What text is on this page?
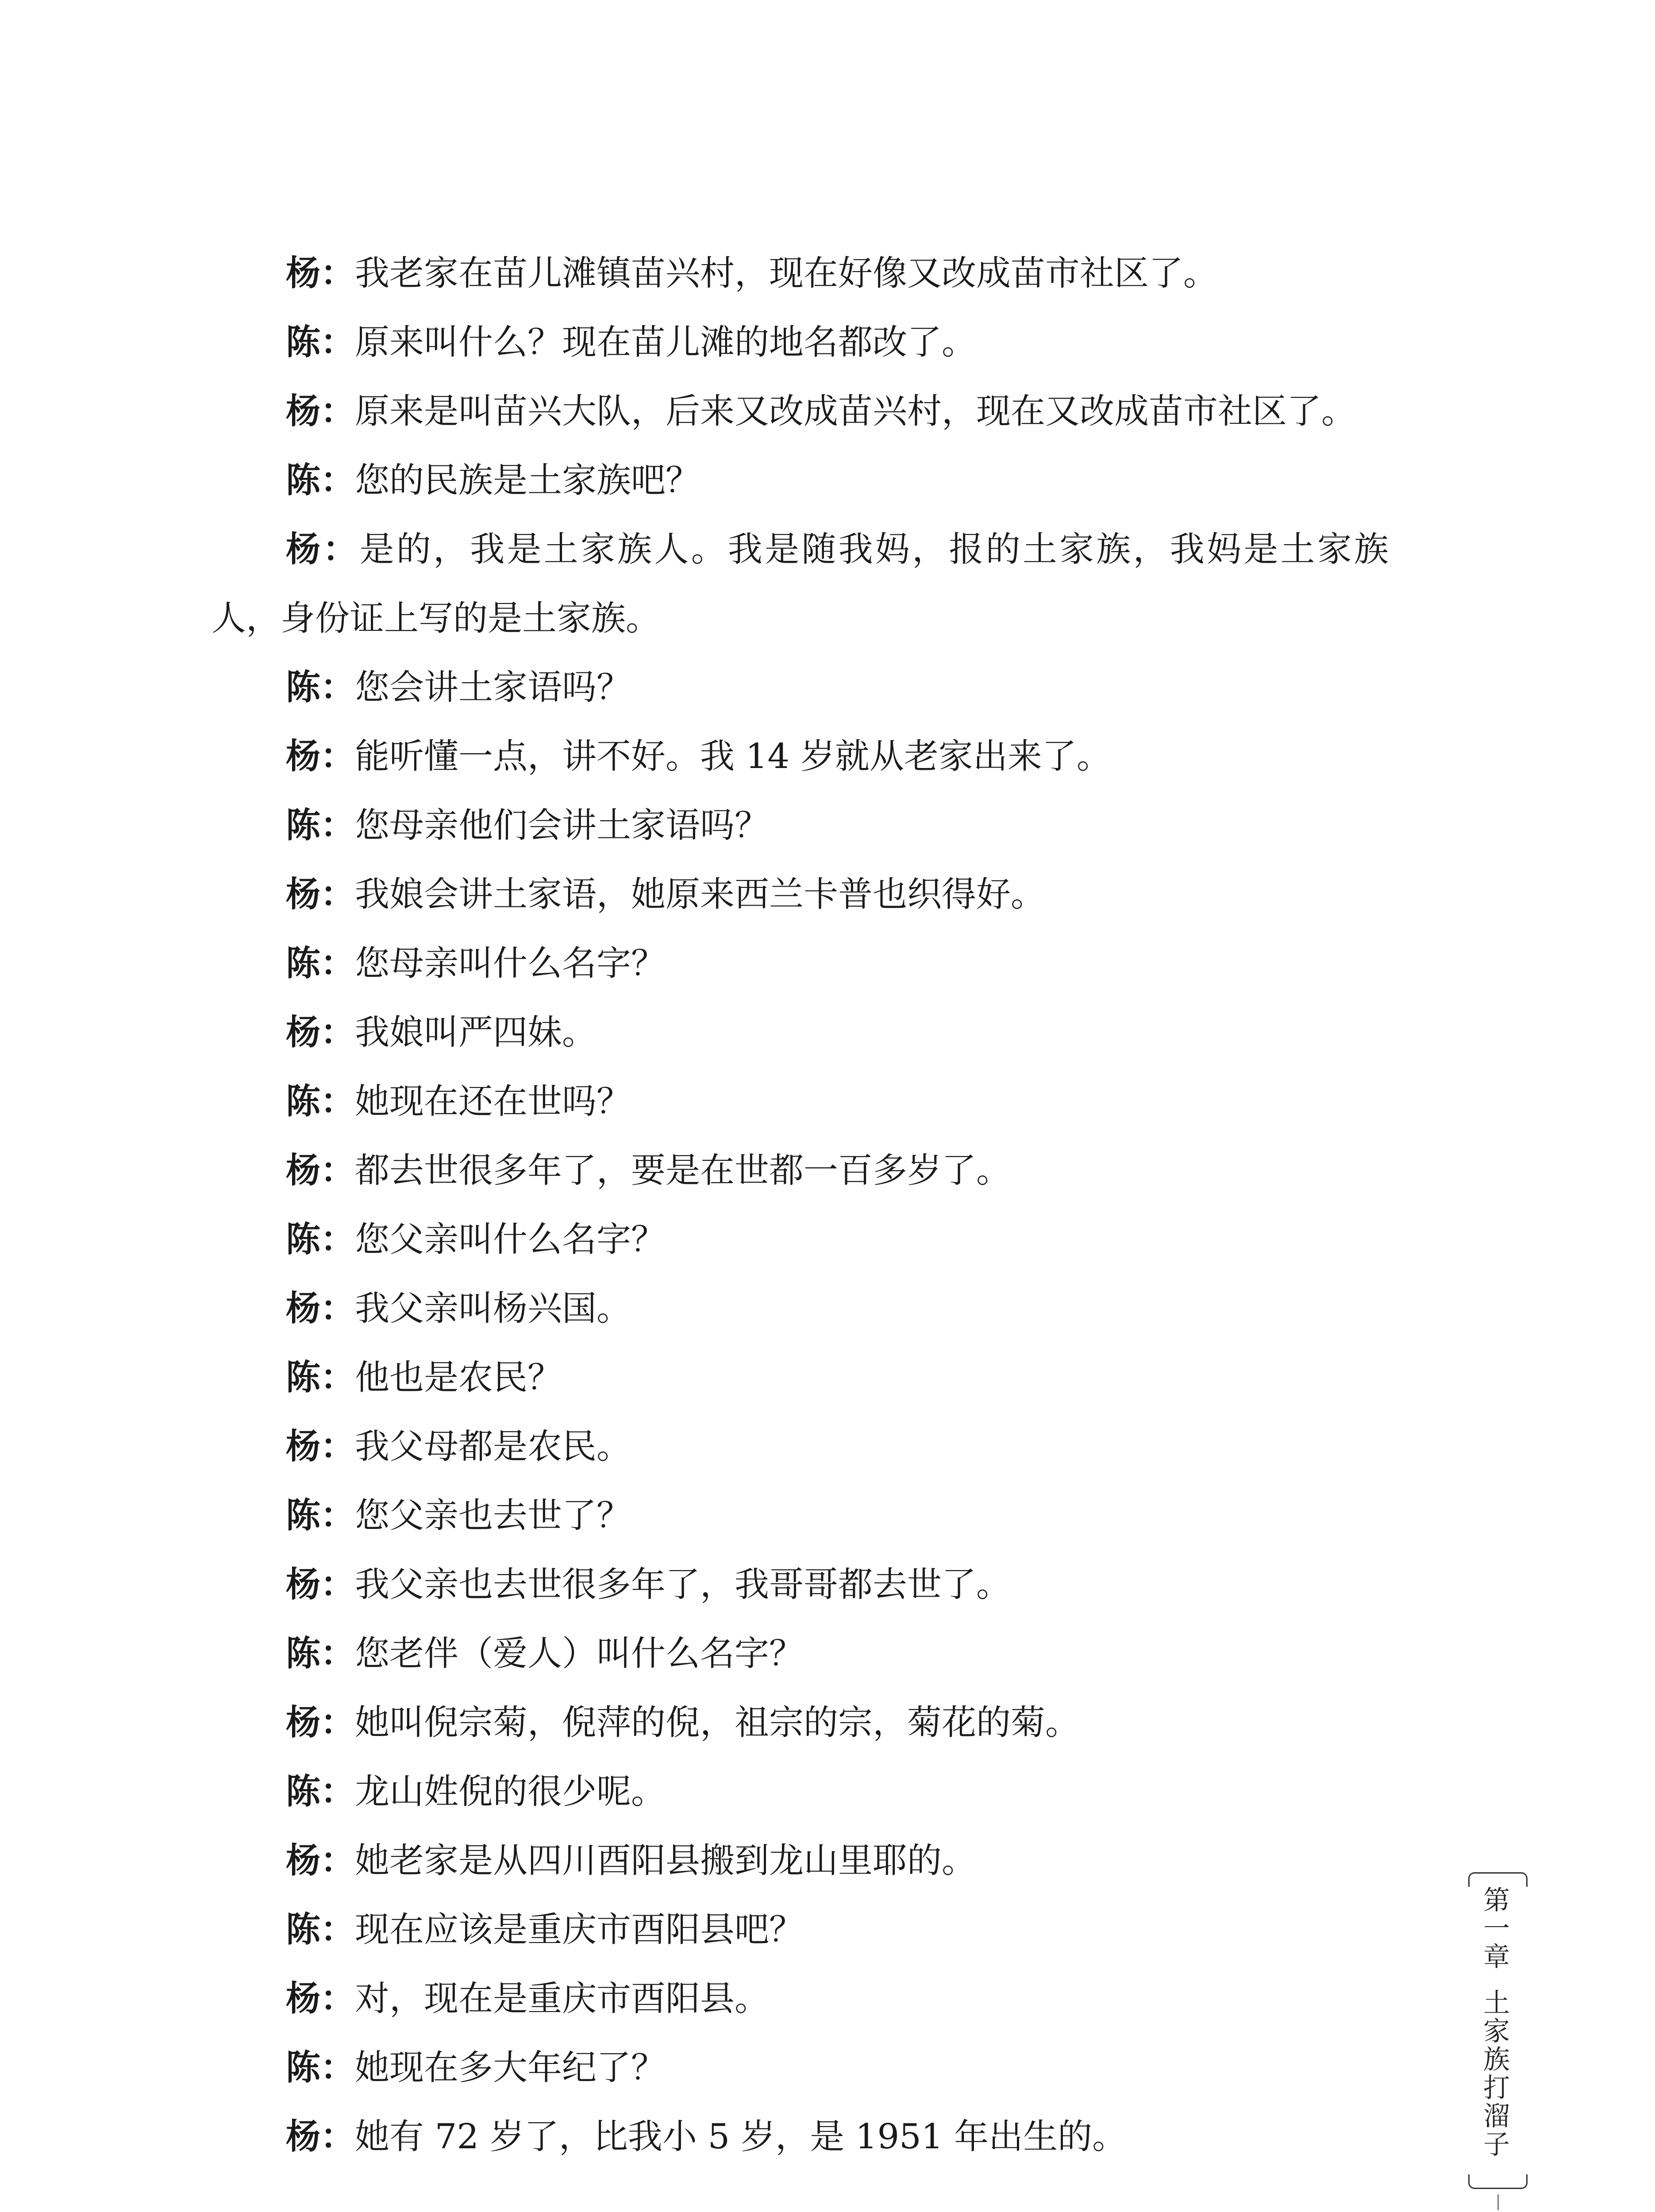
杨：我老家在苗儿滩镇苗兴村，现在好像又改成苗市社区了。

陈：原来叫什么？现在苗儿滩的地名都改了。

杨：原来是叫苗兴大队，后来又改成苗兴村，现在又改成苗市社区了。

陈：您的民族是土家族吧？

杨：是的，我是土家族人。我是随我妈，报的土家族，我妈是土家族人，身份证上写的是土家族。

陈：您会讲土家语吗？

杨：能听懂一点，讲不好。我 14 岁就从老家出来了。

陈：您母亲他们会讲土家语吗？

杨：我娘会讲土家语，她原来西兰卡普也织得好。

陈：您母亲叫什么名字？

杨：我娘叫严四妹。

陈：她现在还在世吗？

杨：都去世很多年了，要是在世都一百多岁了。

陈：您父亲叫什么名字？

杨：我父亲叫杨兴国。

陈：他也是农民？

杨：我父母都是农民。

陈：您父亲也去世了？

杨：我父亲也去世很多年了，我哥哥都去世了。

陈：您老伴（爱人）叫什么名字？

杨：她叫倪宗菊，倪萍的倪，祖宗的宗，菊花的菊。

陈：龙山姓倪的很少呢。

杨：她老家是从四川酉阳县搬到龙山里耶的。

陈：现在应该是重庆市酉阳县吧？

杨：对，现在是重庆市酉阳县。

陈：她现在多大年纪了？

杨：她有 72 岁了，比我小 5 岁，是 1951 年出生的。

第
一
章
土
家
族
打
溜
子
